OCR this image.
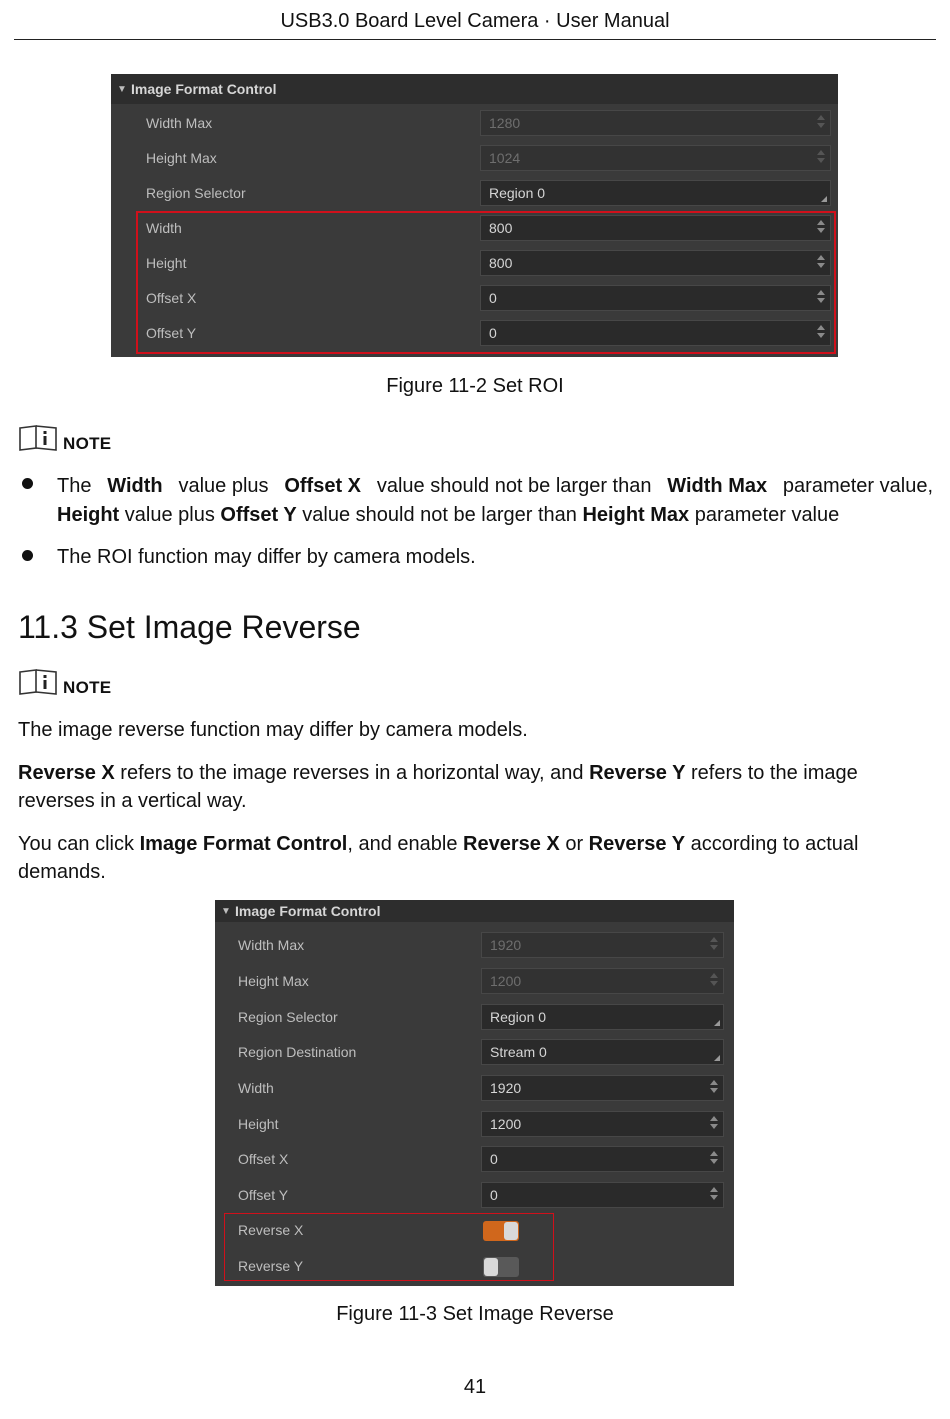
USB3.0 Board Level Camera · User Manual
▼ Image Format Control
Width Max	1280
Height Max	1024
Region Selector	Region 0
Width	800
Height	800
Offset X	0
Offset Y	0
Figure 11-2 Set ROI
NOTE
The Width value plus Offset X value should not be larger than Width Max parameter value,
Height value plus Offset Y value should not be larger than Height Max parameter value
The ROI function may differ by camera models.
11.3 Set Image Reverse
NOTE
The image reverse function may differ by camera models.
Reverse X refers to the image reverses in a horizontal way, and Reverse Y refers to the image
reverses in a vertical way.
You can click Image Format Control, and enable Reverse X or Reverse Y according to actual
demands.
▼ Image Format Control
Width Max	1920
Height Max	1200
Region Selector	Region 0
Region Destination	Stream 0
Width	1920
Height	1200
Offset X	0
Offset Y	0
Reverse X
Reverse Y
Figure 11-3 Set Image Reverse
41
